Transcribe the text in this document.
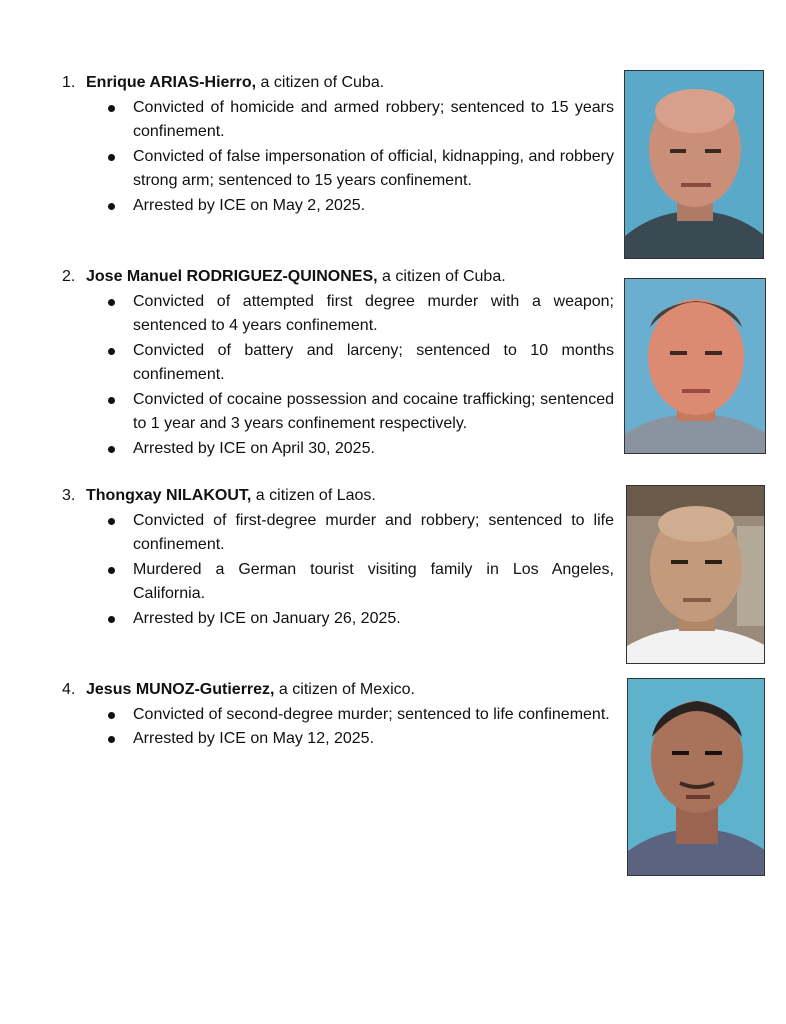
1. Enrique ARIAS-Hierro, a citizen of Cuba.
Convicted of homicide and armed robbery; sentenced to 15 years confinement.
Convicted of false impersonation of official, kidnapping, and robbery strong arm; sentenced to 15 years confinement.
Arrested by ICE on May 2, 2025.
2. Jose Manuel RODRIGUEZ-QUINONES, a citizen of Cuba.
Convicted of attempted first degree murder with a weapon; sentenced to 4 years confinement.
Convicted of battery and larceny; sentenced to 10 months confinement.
Convicted of cocaine possession and cocaine trafficking; sentenced to 1 year and 3 years confinement respectively.
Arrested by ICE on April 30, 2025.
3. Thongxay NILAKOUT, a citizen of Laos.
Convicted of first-degree murder and robbery; sentenced to life confinement.
Murdered a German tourist visiting family in Los Angeles, California.
Arrested by ICE on January 26, 2025.
4. Jesus MUNOZ-Gutierrez, a citizen of Mexico.
Convicted of second-degree murder; sentenced to life confinement.
Arrested by ICE on May 12, 2025.
